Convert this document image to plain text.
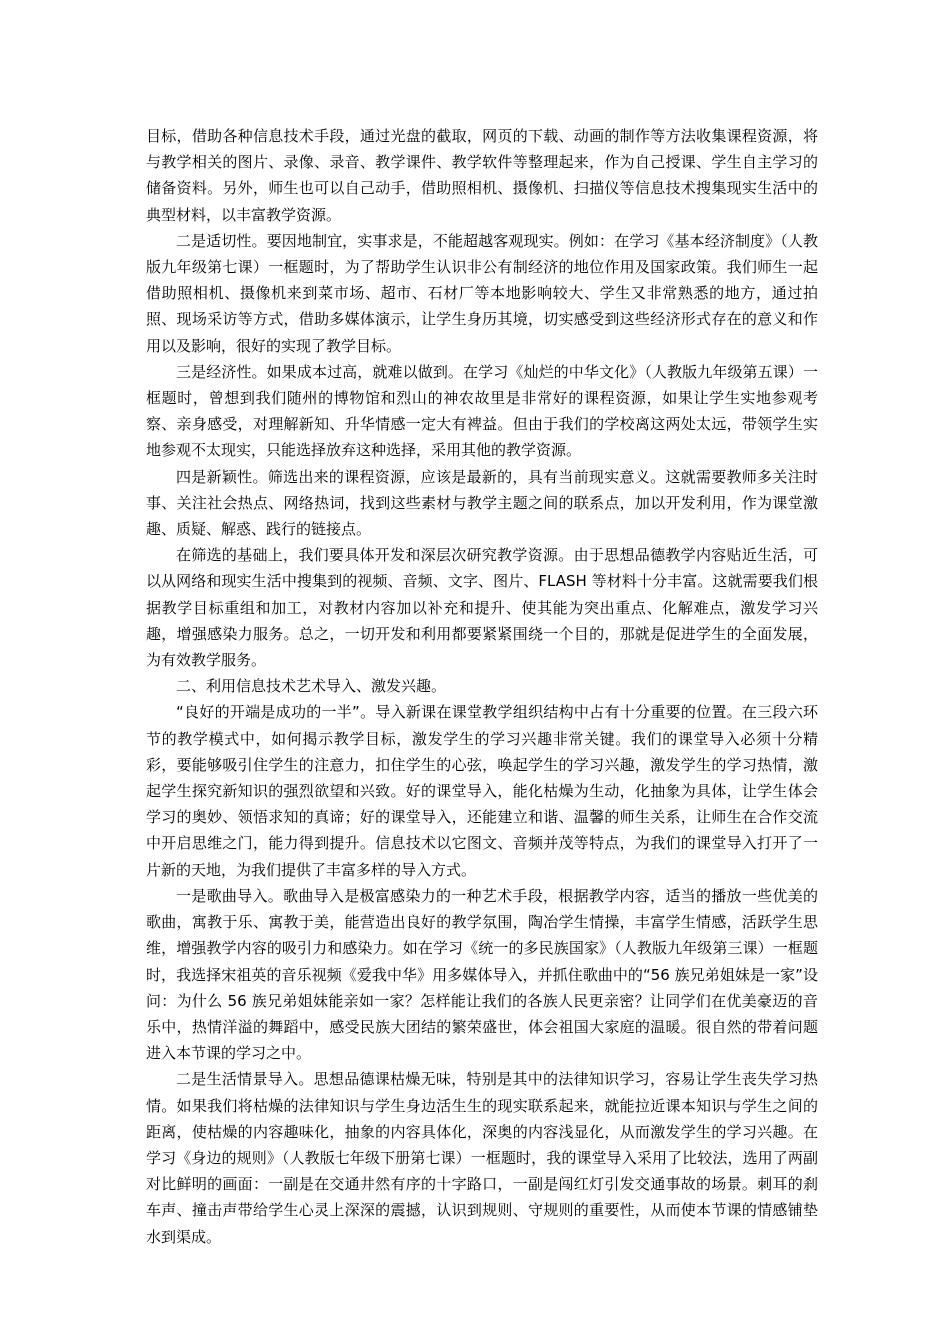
目标，借助各种信息技术手段，通过光盘的截取，网页的下载、动画的制作等方法收集课程资源，将与教学相关的图片、录像、录音、教学课件、教学软件等整理起来，作为自己授课、学生自主学习的储备资料。另外，师生也可以自己动手，借助照相机、摄像机、扫描仪等信息技术搜集现实生活中的典型材料，以丰富教学资源。

二是适切性。要因地制宜，实事求是，不能超越客观现实。例如：在学习《基本经济制度》（人教版九年级第七课）一框题时，为了帮助学生认识非公有制经济的地位作用及国家政策。我们师生一起借助照相机、摄像机来到菜市场、超市、石材厂等本地影响较大、学生又非常熟悉的地方，通过拍照、现场采访等方式，借助多媒体演示，让学生身历其境，切实感受到这些经济形式存在的意义和作用以及影响，很好的实现了教学目标。

三是经济性。如果成本过高，就难以做到。在学习《灿烂的中华文化》（人教版九年级第五课）一框题时，曾想到我们随州的博物馆和烈山的神农故里是非常好的课程资源，如果让学生实地参观考察、亲身感受，对理解新知、升华情感一定大有裨益。但由于我们的学校离这两处太远，带领学生实地参观不太现实，只能选择放弃这种选择，采用其他的教学资源。

四是新颖性。筛选出来的课程资源，应该是最新的，具有当前现实意义。这就需要教师多关注时事、关注社会热点、网络热词，找到这些素材与教学主题之间的联系点，加以开发利用，作为课堂激趣、质疑、解惑、践行的链接点。

在筛选的基础上，我们要具体开发和深层次研究教学资源。由于思想品德教学内容贴近生活，可以从网络和现实生活中搜集到的视频、音频、文字、图片、FLASH 等材料十分丰富。这就需要我们根据教学目标重组和加工，对教材内容加以补充和提升、使其能为突出重点、化解难点，激发学习兴趣，增强感染力服务。总之，一切开发和利用都要紧紧围绕一个目的，那就是促进学生的全面发展，为有效教学服务。

二、利用信息技术艺术导入、激发兴趣。

“良好的开端是成功的一半”。导入新课在课堂教学组织结构中占有十分重要的位置。在三段六环节的教学模式中，如何揭示教学目标，激发学生的学习兴趣非常关键。我们的课堂导入必须十分精彩，要能够吸引住学生的注意力，扣住学生的心弦，唤起学生的学习兴趣，激发学生的学习热情，激起学生探究新知识的强烈欲望和兴致。好的课堂导入，能化枯燥为生动，化抽象为具体，让学生体会学习的奥妙、领悟求知的真谛；好的课堂导入，还能建立和谐、温馨的师生关系，让师生在合作交流中开启思维之门，能力得到提升。信息技术以它图文、音频并茂等特点，为我们的课堂导入打开了一片新的天地，为我们提供了丰富多样的导入方式。

一是歌曲导入。歌曲导入是极富感染力的一种艺术手段，根据教学内容，适当的播放一些优美的歌曲，寓教于乐、寓教于美，能营造出良好的教学氛围，陶冶学生情操，丰富学生情感，活跃学生思维，增强教学内容的吸引力和感染力。如在学习《统一的多民族国家》（人教版九年级第三课）一框题时，我选择宋祖英的音乐视频《爱我中华》用多媒体导入，并抓住歌曲中的“56 族兄弟姐妹是一家”设问：为什么 56 族兄弟姐妹能亲如一家？怎样能让我们的各族人民更亲密？让同学们在优美豪迈的音乐中，热情洋溢的舞蹈中，感受民族大团结的繁荣盛世，体会祖国大家庭的温暖。很自然的带着问题进入本节课的学习之中。

二是生活情景导入。思想品德课枯燥无味，特别是其中的法律知识学习，容易让学生丧失学习热情。如果我们将枯燥的法律知识与学生身边活生生的现实联系起来，就能拉近课本知识与学生之间的距离，使枯燥的内容趣味化，抽象的内容具体化，深奥的内容浅显化，从而激发学生的学习兴趣。在学习《身边的规则》（人教版七年级下册第七课）一框题时，我的课堂导入采用了比较法，选用了两副对比鲜明的画面：一副是在交通井然有序的十字路口，一副是闯红灯引发交通事故的场景。刺耳的刹车声、撞击声带给学生心灵上深深的震撼，认识到规则、守规则的重要性，从而使本节课的情感铺垫水到渠成。
